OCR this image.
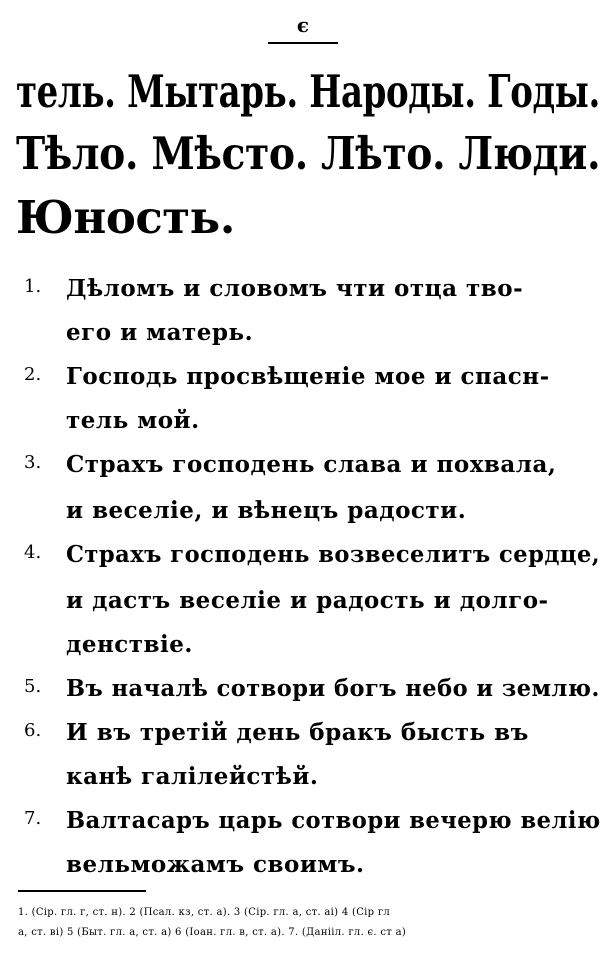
є
тель. Мытарь. Народы. Годы.
Тѣло. Мѣсто. Лѣто. Люди.
Юность.
1. Дѣломъ и словомъ чти отца тво-
его и матерь.
2. Господь просвѣщеніе мое и спасн-
тель мой.
3. Страхъ господень слава и похвала,
и веселіе, и вѣнецъ радости.
4. Страхъ господень возвеселитъ сердце,
и дастъ веселіе и радость и долго-
денствіе.
5. Въ началѣ сотвори богъ небо и землю.
6. И въ третій день бракъ бысть въ
канѣ галілейстѣй.
7. Валтасаръ царь сотвори вечерю велію
вельможамъ своимъ.
1. (Сір. гл. г, ст. н). 2 (Псал. кз, ст. а). 3 (Сір. гл. а, ст. аі) 4 (Сір гл
а, ст. ві) 5 (Быт. гл. а, ст. а) 6 (Іоан. гл. в, ст. а). 7. (Данііл. гл. є. ст а)
